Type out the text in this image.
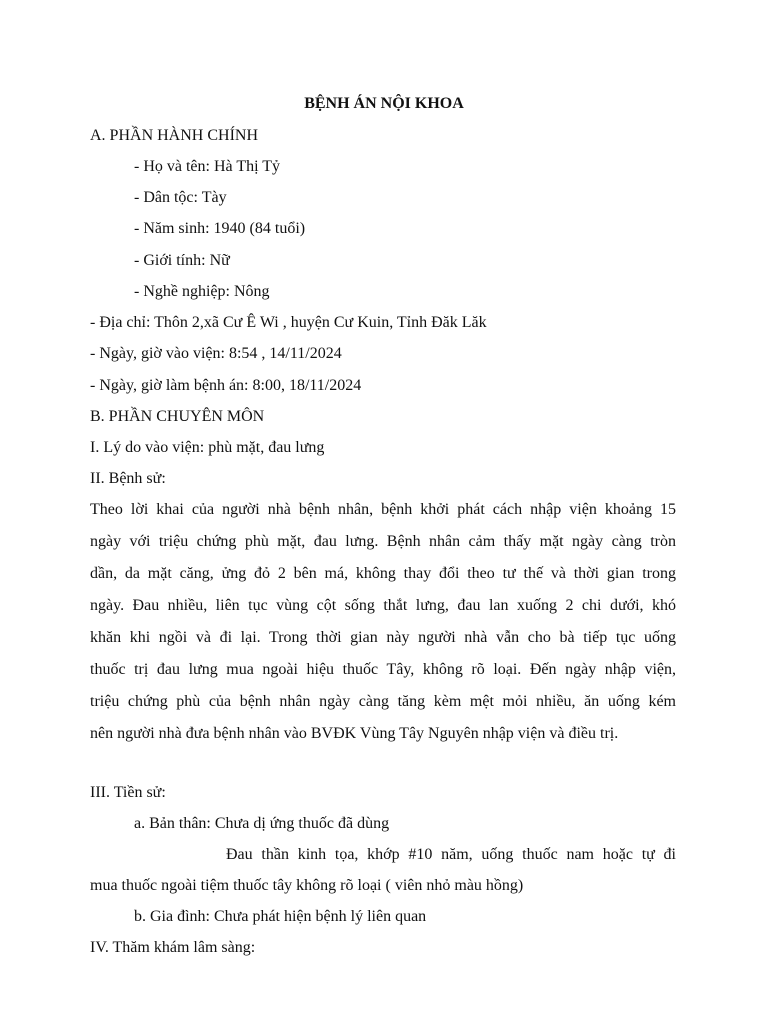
BỆNH ÁN NỘI KHOA
A. PHẦN HÀNH CHÍNH
- Họ và tên: Hà Thị Tỷ
- Dân tộc: Tày
- Năm sinh: 1940 (84 tuổi)
- Giới tính: Nữ
- Nghề nghiệp: Nông
- Địa chỉ: Thôn 2,xã Cư Ê Wi , huyện Cư Kuin, Tỉnh Đăk Lăk
- Ngày, giờ vào viện: 8:54 , 14/11/2024
- Ngày, giờ làm bệnh án: 8:00, 18/11/2024
B. PHẦN CHUYÊN MÔN
I. Lý do vào viện: phù mặt, đau lưng
II. Bệnh sử:
Theo lời khai của người nhà bệnh nhân, bệnh khởi phát cách nhập viện khoảng 15
ngày với triệu chứng phù mặt, đau lưng. Bệnh nhân cảm thấy mặt ngày càng tròn
dần, da mặt căng, ửng đỏ 2 bên má, không thay đổi theo tư thế và thời gian trong
ngày. Đau nhiều, liên tục vùng cột sống thắt lưng, đau lan xuống 2 chi dưới, khó
khăn khi ngồi và đi lại. Trong thời gian này người nhà vẫn cho bà tiếp tục uống
thuốc trị đau lưng mua ngoài hiệu thuốc Tây, không rõ loại. Đến ngày nhập viện,
triệu chứng phù của bệnh nhân ngày càng tăng kèm mệt mỏi nhiều, ăn uống kém
nên người nhà đưa bệnh nhân vào BVĐK Vùng Tây Nguyên nhập viện và điều trị.
III. Tiền sử:
a. Bản thân: Chưa dị ứng thuốc đã dùng
Đau thần kinh tọa, khớp #10 năm, uống thuốc nam hoặc tự đi
mua thuốc ngoài tiệm thuốc tây không rõ loại ( viên nhỏ màu hồng)
b. Gia đình: Chưa phát hiện bệnh lý liên quan
IV. Thăm khám lâm sàng:
